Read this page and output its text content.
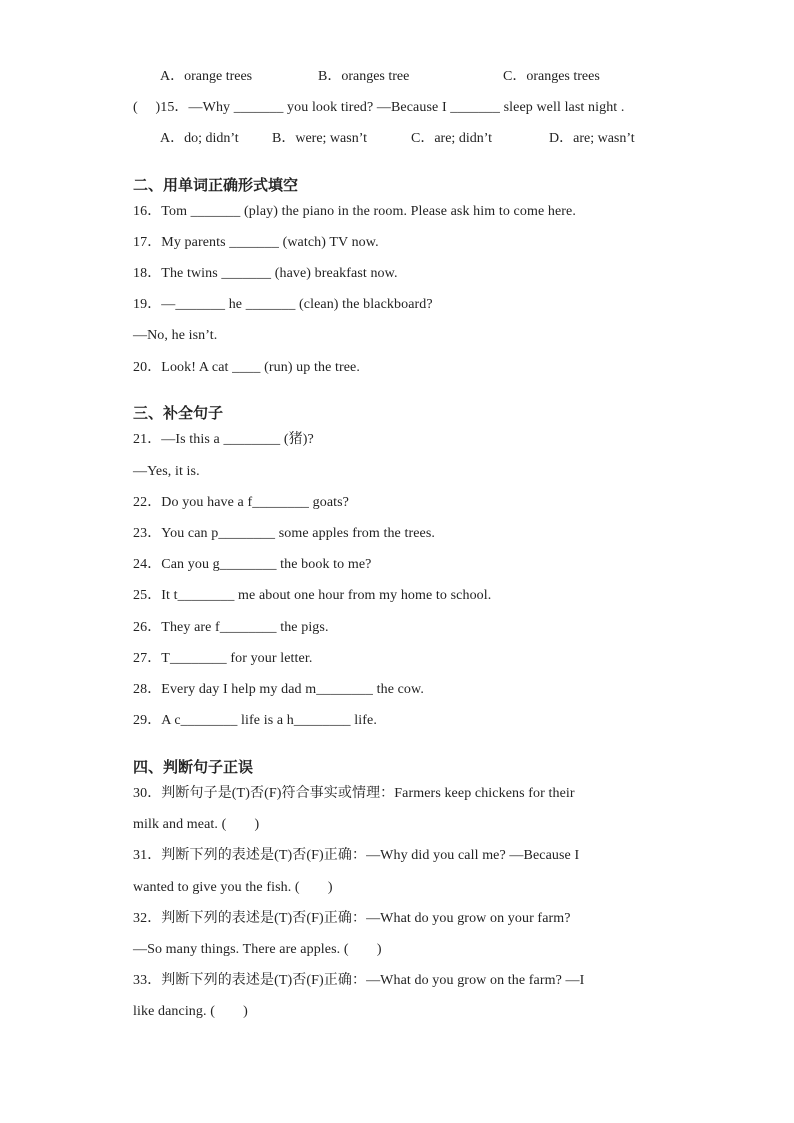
A．orange trees	B．oranges tree	C．oranges trees
(　 )15．—Why _______ you look tired? —Because I _______ sleep well last night .
A．do; didn’t B．were; wasn’t	C．are; didn’t	D．are; wasn’t
二、用单词正确形式填空
16．Tom _______ (play) the piano in the room. Please ask him to come here.
17．My parents _______ (watch) TV now.
18．The twins _______ (have) breakfast now.
19．—_______ he _______ (clean) the blackboard?
—No, he isn’t.
20．Look! A cat ____ (run) up the tree.
三、补全句子
21．—Is this a ________ (猪)?
—Yes, it is.
22．Do you have a f________ goats?
23．You can p________ some apples from the trees.
24．Can you g________ the book to me?
25．It t________ me about one hour from my home to school.
26．They are f________ the pigs.
27．T________ for your letter.
28．Every day I help my dad m________ the cow.
29．A c________ life is a h________ life.
四、判断句子正误
30．判断句子是(T)否(F)符合事实或情理：Farmers keep chickens for their
milk and meat. (　　)
31．判断下列的表述是(T)否(F)正确：—Why did you call me? —Because I
wanted to give you the fish. (　　)
32．判断下列的表述是(T)否(F)正确：—What do you grow on your farm?
—So many things. There are apples. (　　)
33．判断下列的表述是(T)否(F)正确：—What do you grow on the farm? —I
like dancing. (　　)
